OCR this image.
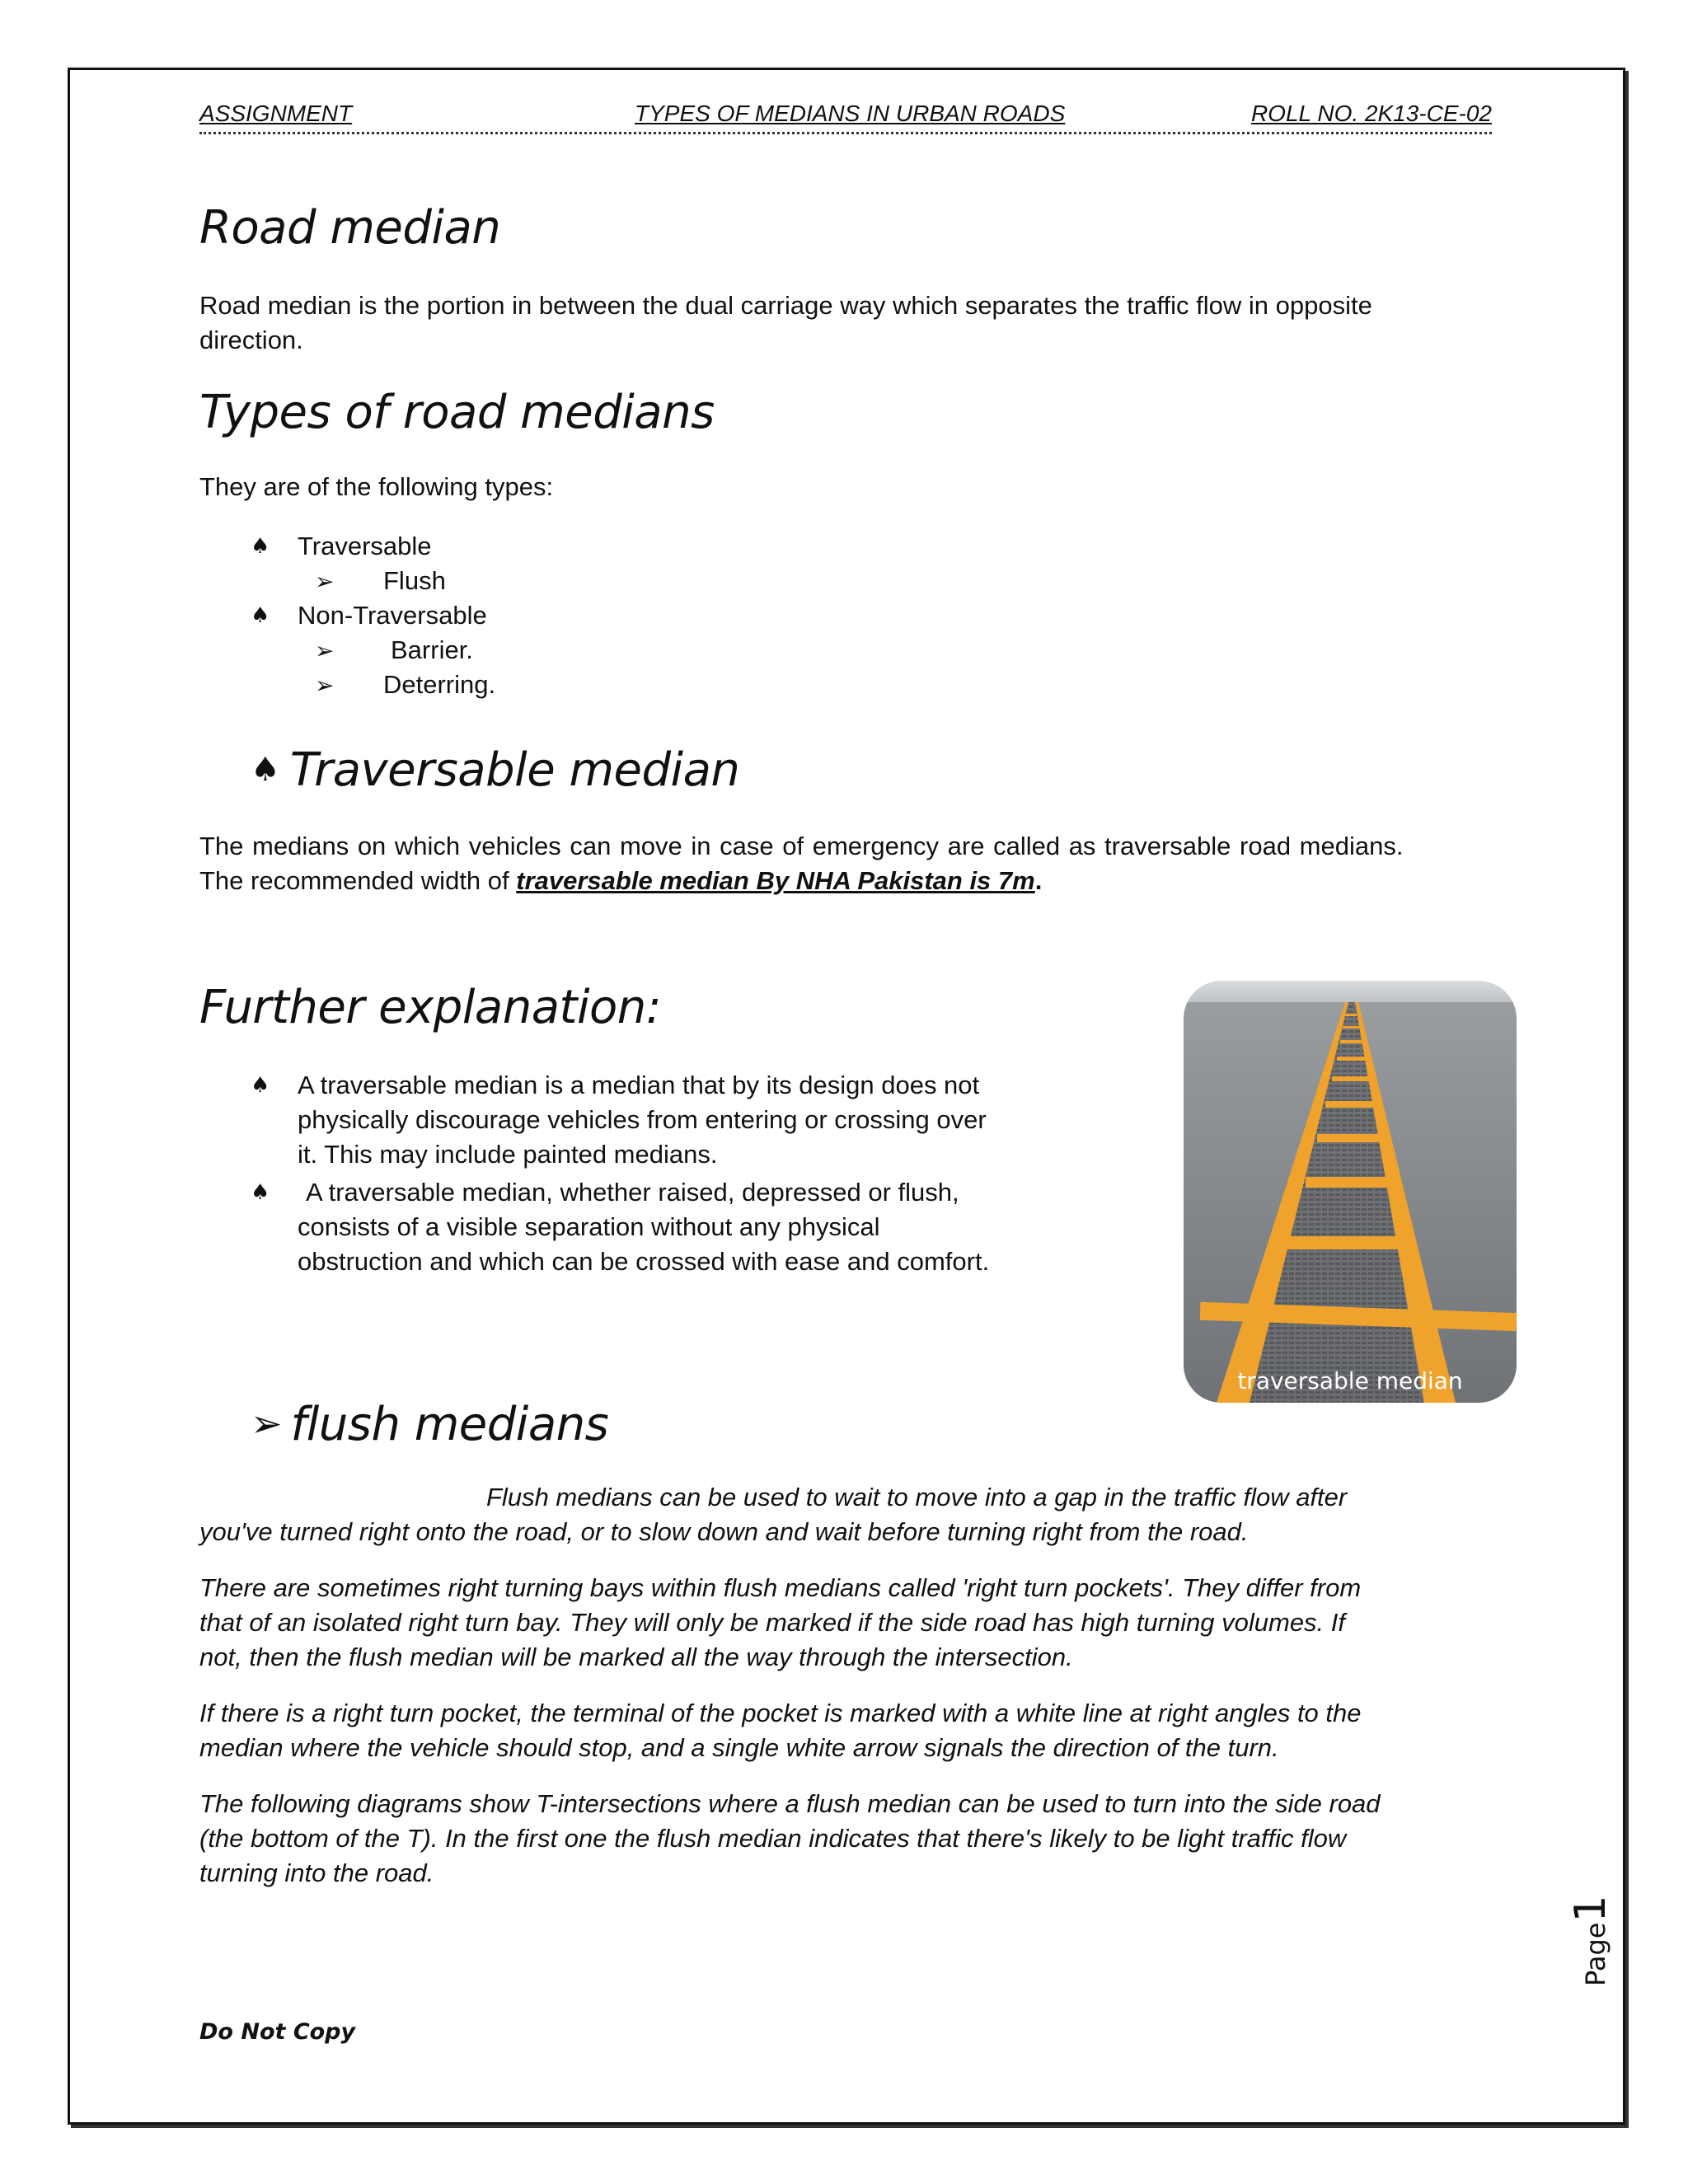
ASSIGNMENT	TYPES OF MEDIANS IN URBAN ROADS	ROLL NO. 2K13-CE-02
Road median

Road median is the portion in between the dual carriage way which separates the traffic flow in opposite

direction.

Types of road medians

They are of the following types:

♠ Traversable
➢ Flush
♠ Non-Traversable
➢ Barrier.
➢ Deterring.
♠ Traversable median

The medians on which vehicles can move in case of emergency are called as traversable road medians.

The recommended width of traversable median By NHA Pakistan is 7m.

Further explanation:
♠ A traversable median is a median that by its design does not
physically discourage vehicles from entering or crossing over
it. This may include painted medians.
♠	A traversable median, whether raised, depressed or flush,
consists of a visible separation without any physical
obstruction and which can be crossed with ease and comfort.
traversable median
➢ flush medians

Flush medians can be used to wait to move into a gap in the traffic flow after

you've turned right onto the road, or to slow down and wait before turning right from the road.

There are sometimes right turning bays within flush medians called 'right turn pockets'. They differ from
that of an isolated right turn bay. They will only be marked if the side road has high turning volumes. If
not, then the flush median will be marked all the way through the intersection.
If there is a right turn pocket, the terminal of the pocket is marked with a white line at right angles to the
median where the vehicle should stop, and a single white arrow signals the direction of the turn.
The following diagrams show T-intersections where a flush median can be used to turn into the side road
(the bottom of the T). In the first one the flush median indicates that there's likely to be light traffic flow
turning into the road.
Page1

Do Not Copy
